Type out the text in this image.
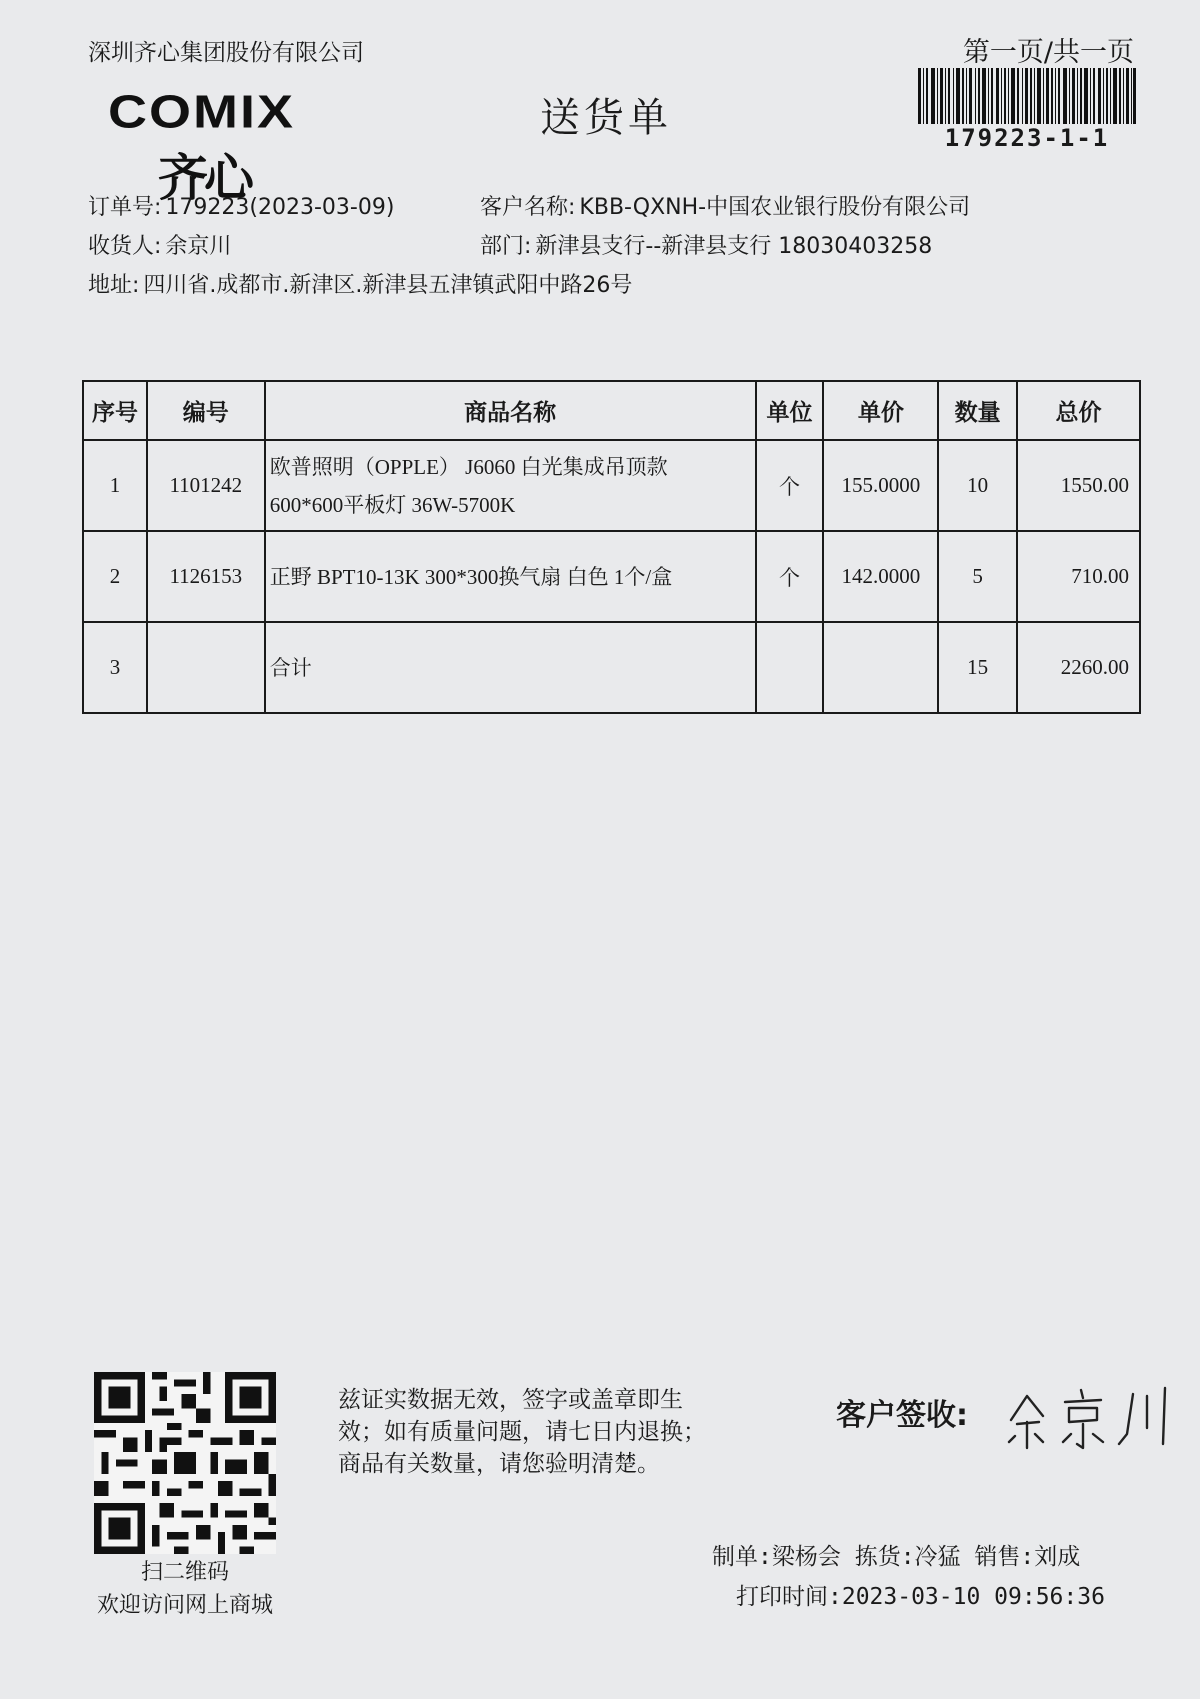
深圳齐心集团股份有限公司	第一页/共一页
179223-1-1
COMIX
齐心
送货单
订单号: 179223(2023-03-09)	客户名称: KBB-QXNH-中国农业银行股份有限公司
收货人: 余京川	部门: 新津县支行--新津县支行 18030403258
地址: 四川省.成都市.新津区.新津县五津镇武阳中路26号
序号	编号	商品名称	单位	单价	数量	总价
1	1101242	欧普照明（OPPLE） J6060 白光集成吊顶款
600*600平板灯 36W-5700K	个	155.0000	10	1550.00
2	1126153	正野 BPT10-13K 300*300换气扇 白色 1个/盒	个	142.0000	5	710.00
3		合计			15	2260.00
扫二维码
欢迎访问网上商城
兹证实数据无效，签字或盖章即生
效；如有质量问题，请七日内退换；
商品有关数量，请您验明清楚。
客户签收:
制单:梁杨会 拣货:冷猛 销售:刘成
打印时间:2023-03-10 09:56:36
